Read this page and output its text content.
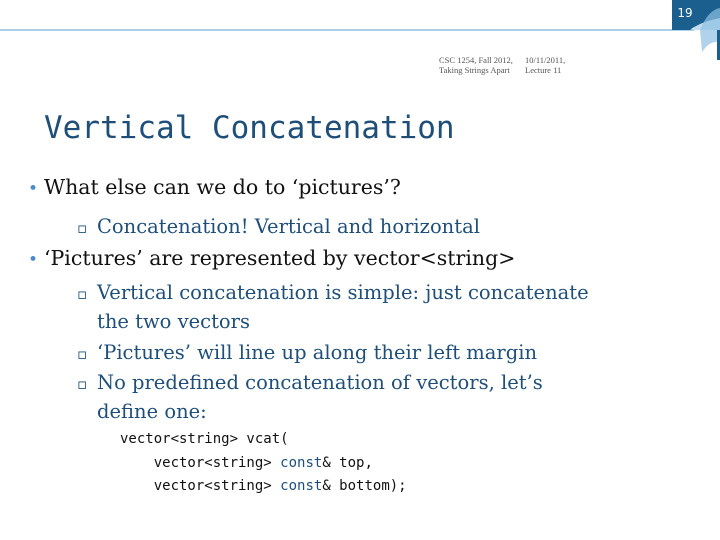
19
CSC 1254, Fall 2012,
Taking Strings Apart
10/11/2011,
Lecture 11
Vertical Concatenation
• What else can we do to ‘pictures’?
▫ Concatenation! Vertical and horizontal
• ‘Pictures’ are represented by vector<string>
▫ Vertical concatenation is simple: just concatenate
the two vectors
▫ ‘Pictures’ will line up along their left margin
▫ No predefined concatenation of vectors, let’s
define one:
vector<string> vcat(
vector<string> const& top,
vector<string> const& bottom);
